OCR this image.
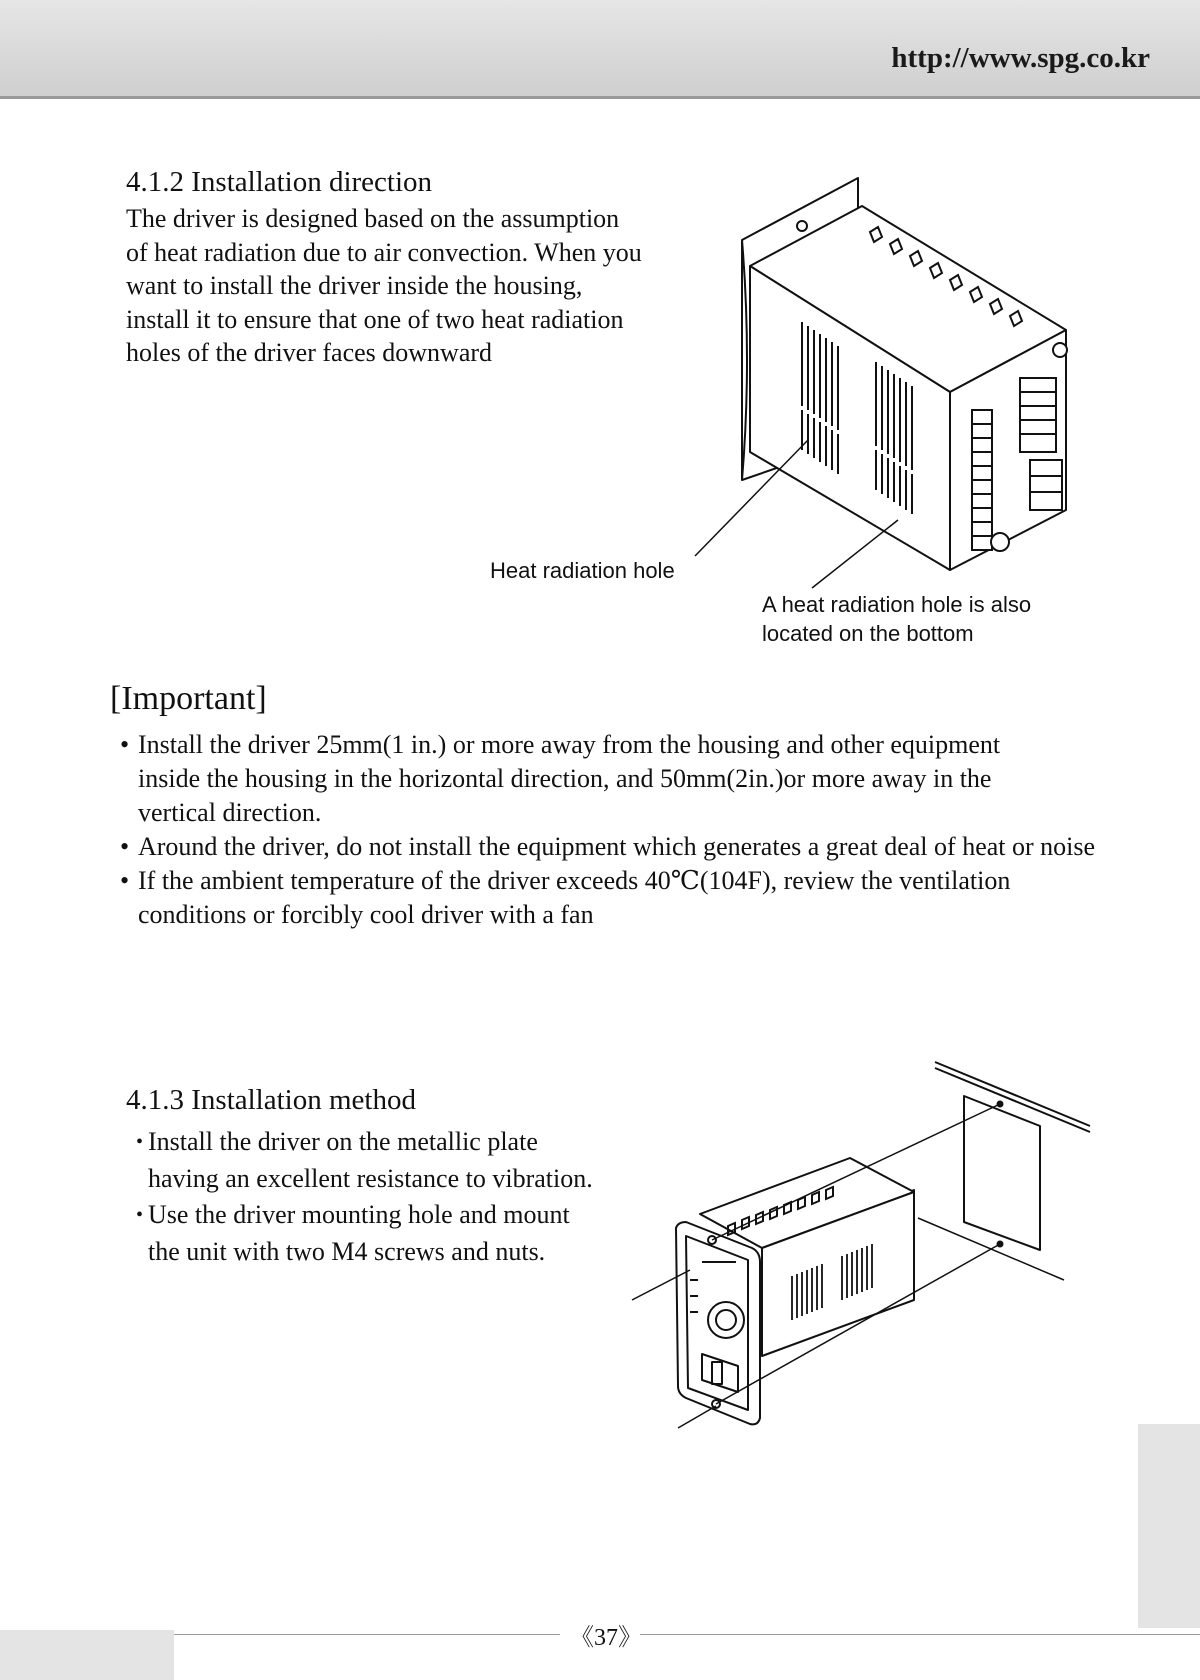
http://www.spg.co.kr
4.1.2 Installation direction
The driver is designed based on the assumption
of heat radiation due to air convection. When you
want to install the driver inside the housing,
install it to ensure that one of two heat radiation
holes of the driver faces downward
Heat radiation hole
A heat radiation hole is also
located on the bottom
[Important]
• Install the driver 25mm(1 in.) or more away from the housing and other equipment
inside the housing in the horizontal direction, and 50mm(2in.)or more away in the
vertical direction.
• Around the driver, do not install the equipment which generates a great deal of heat or noise
• If the ambient temperature of the driver exceeds 40℃(104F), review the ventilation
conditions or forcibly cool driver with a fan
4.1.3 Installation method
• Install the driver on the metallic plate
having an excellent resistance to vibration.
• Use the driver mounting hole and mount
the unit with two M4 screws and nuts.
《37》
